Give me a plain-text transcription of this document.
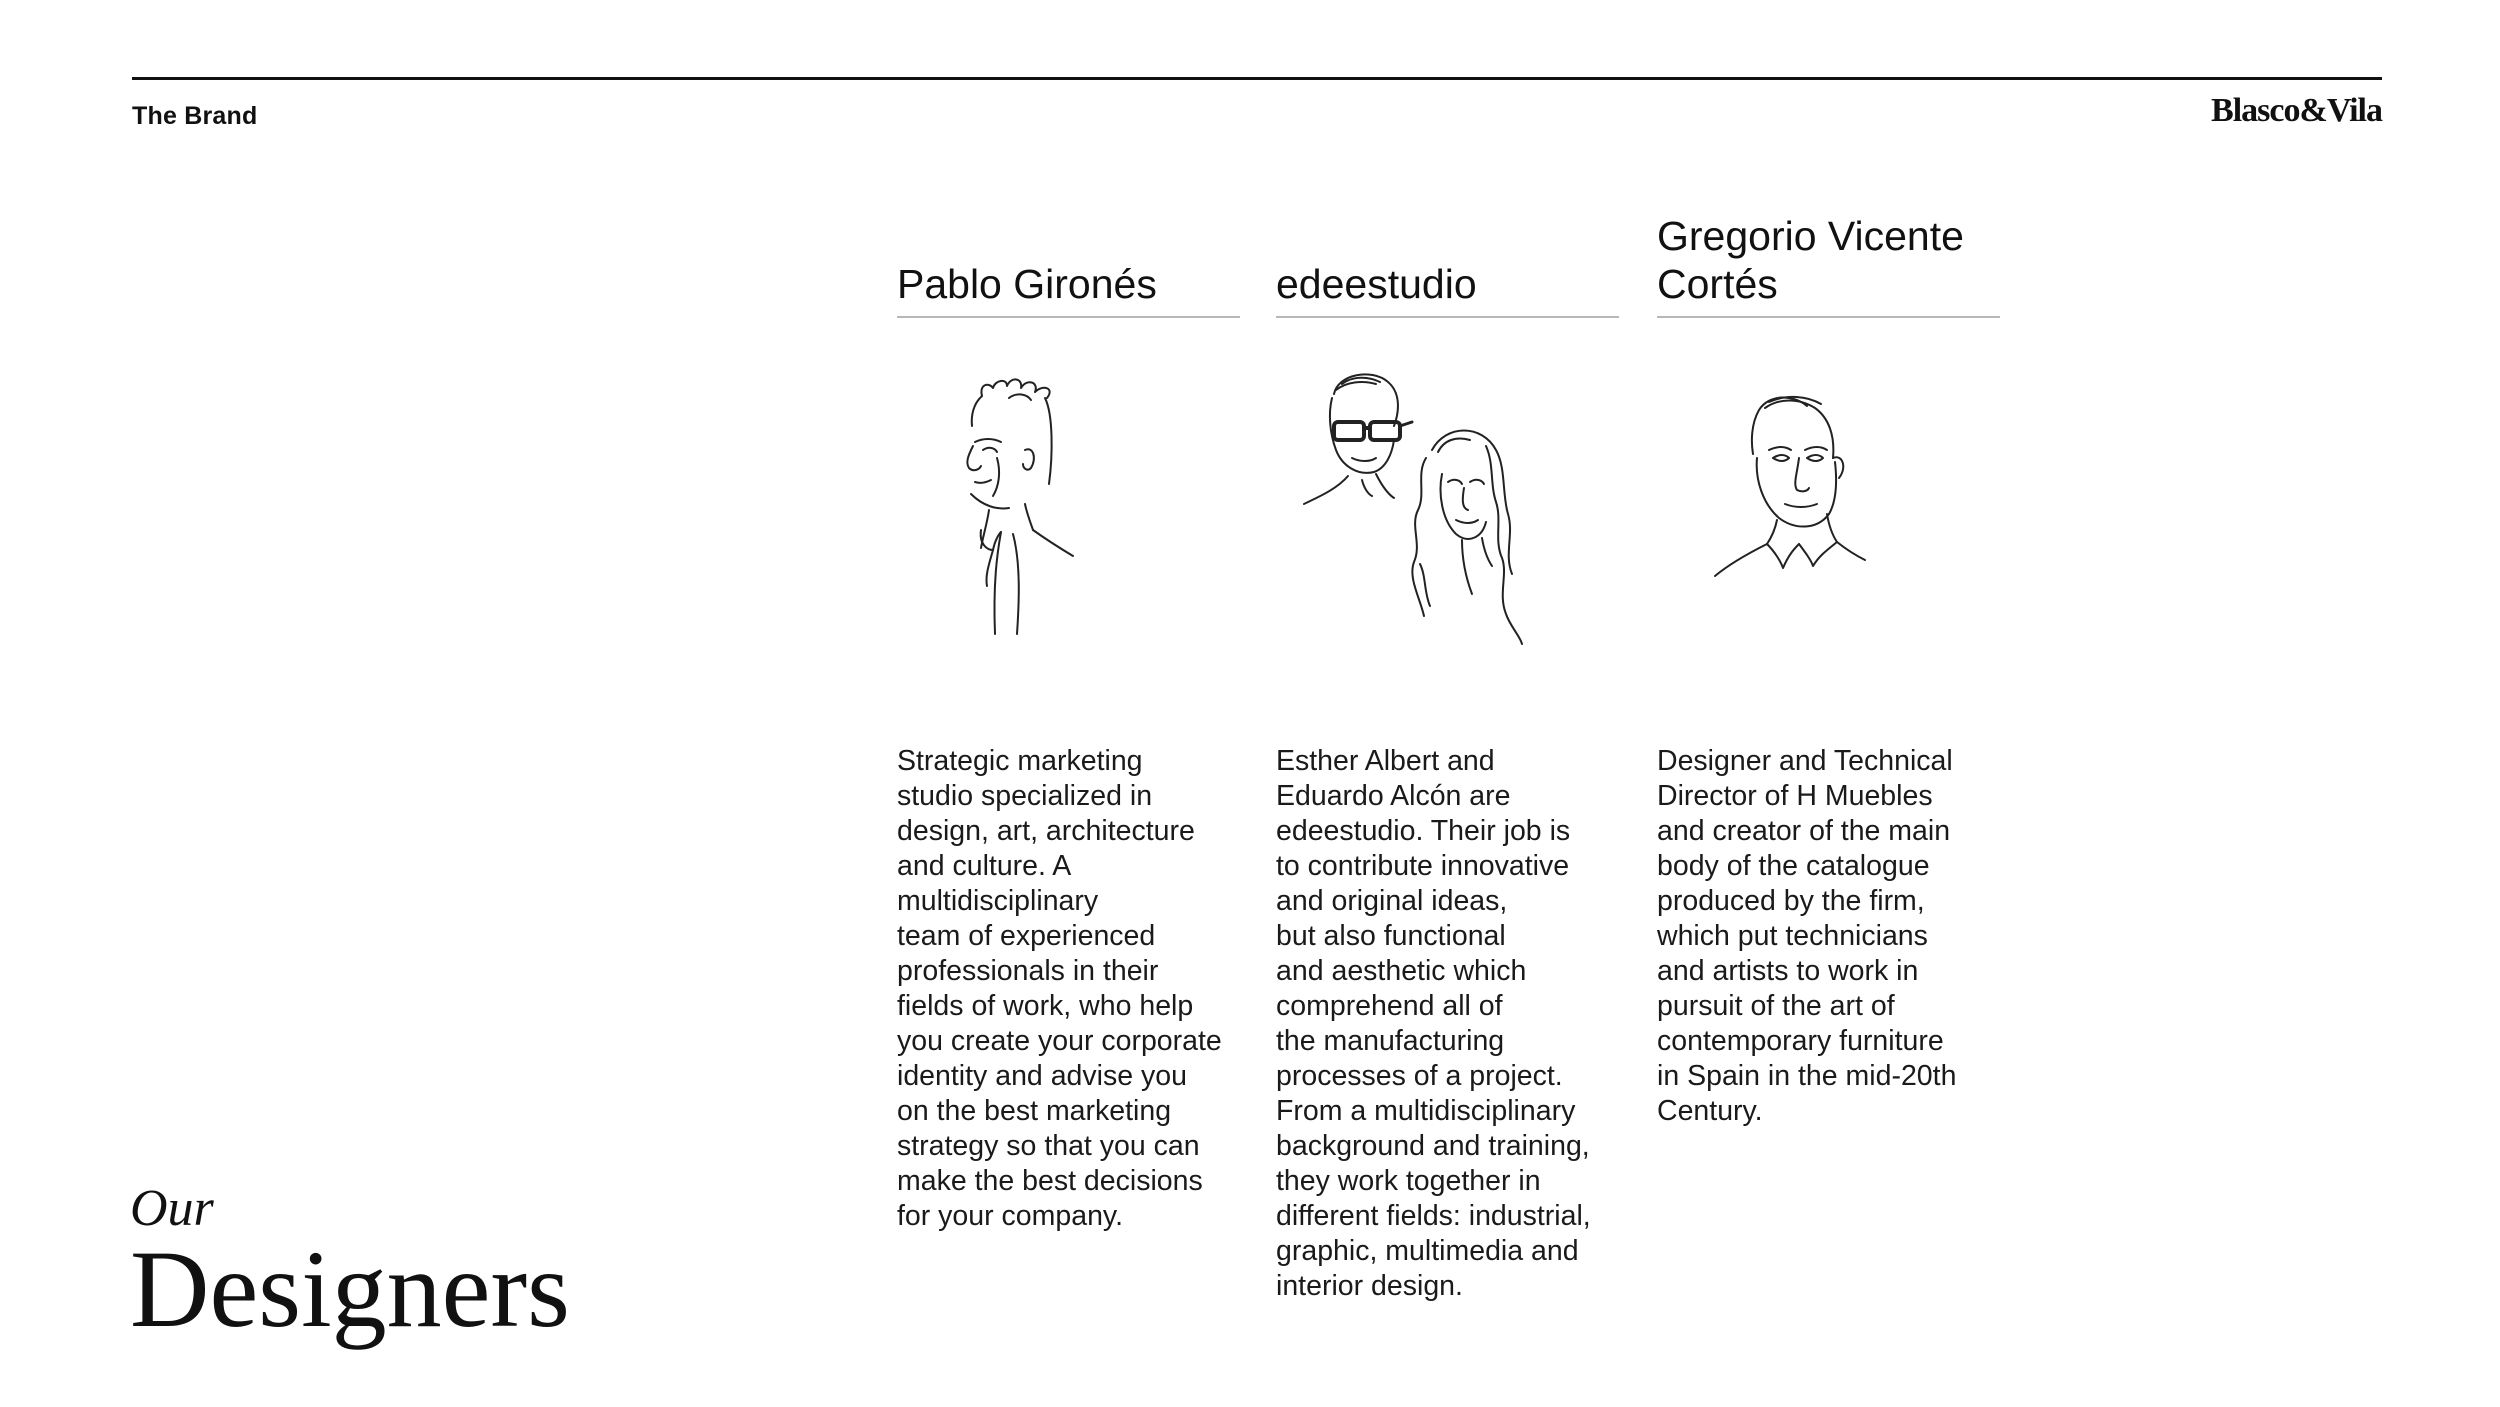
The Brand	Blasco&Vila
Pablo Gironés
Strategic marketing
studio specialized in
design, art, architecture
and culture. A
multidisciplinary
team of experienced
professionals in their
fields of work, who help
you create your corporate
identity and advise you
on the best marketing
strategy so that you can
make the best decisions
for your company.
edeestudio
Esther Albert and
Eduardo Alcón are
edeestudio. Their job is
to contribute innovative
and original ideas,
but also functional
and aesthetic which
comprehend all of
the manufacturing
processes of a project.
From a multidisciplinary
background and training,
they work together in
different fields: industrial,
graphic, multimedia and
interior design.
Gregorio Vicente Cortés
Designer and Technical
Director of H Muebles
and creator of the main
body of the catalogue
produced by the firm,
which put technicians
and artists to work in
pursuit of the art of
contemporary furniture
in Spain in the mid-20th
Century.
Our
Designers
